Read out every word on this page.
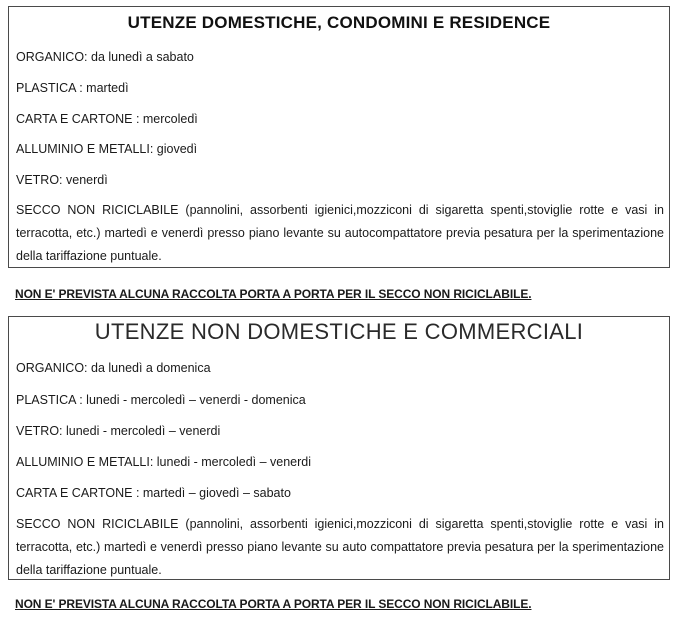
UTENZE DOMESTICHE, CONDOMINI E RESIDENCE
ORGANICO: da lunedì a sabato
PLASTICA : martedì
CARTA E CARTONE : mercoledì
ALLUMINIO E METALLI: giovedì
VETRO: venerdì
SECCO NON RICICLABILE (pannolini, assorbenti igienici,mozziconi di sigaretta spenti,stoviglie rotte e vasi in terracotta, etc.) martedì e venerdì presso piano levante su autocompattatore previa pesatura per la sperimentazione della tariffazione puntuale.
NON E' PREVISTA ALCUNA RACCOLTA PORTA A PORTA PER IL SECCO NON RICICLABILE.
UTENZE NON DOMESTICHE E COMMERCIALI
ORGANICO: da lunedì a domenica
PLASTICA : lunedi - mercoledì – venerdi - domenica
VETRO: lunedi - mercoledì – venerdi
ALLUMINIO E METALLI: lunedi - mercoledì – venerdi
CARTA E CARTONE : martedì – giovedì – sabato
SECCO NON RICICLABILE (pannolini, assorbenti igienici,mozziconi di sigaretta spenti,stoviglie rotte e vasi in terracotta, etc.) martedì e venerdì presso piano levante su auto compattatore previa pesatura per la sperimentazione della tariffazione puntuale.
NON E' PREVISTA ALCUNA RACCOLTA PORTA A PORTA PER IL SECCO NON RICICLABILE.
